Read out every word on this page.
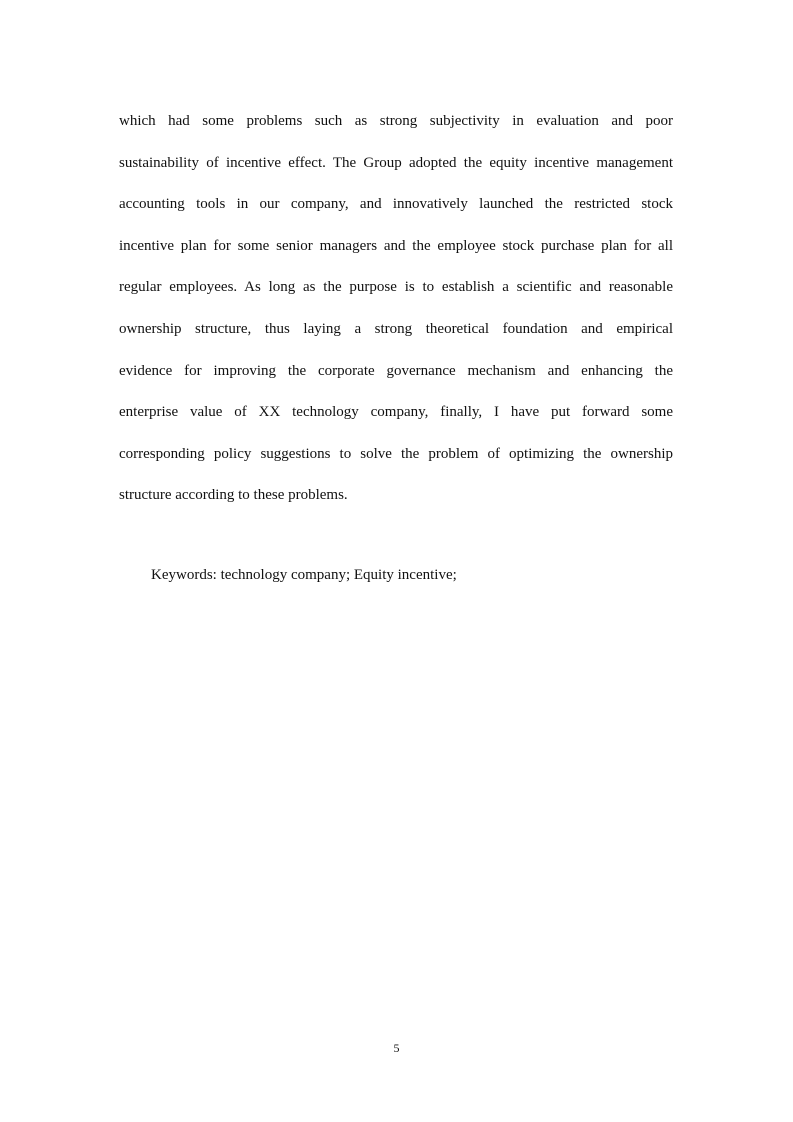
which had some problems such as strong subjectivity in evaluation and poor
sustainability of incentive effect. The Group adopted the equity incentive management
accounting tools in our company, and innovatively launched the restricted stock
incentive plan for some senior managers and the employee stock purchase plan for all
regular employees. As long as the purpose is to establish a scientific and reasonable
ownership structure, thus laying a strong theoretical foundation and empirical
evidence for improving the corporate governance mechanism and enhancing the
enterprise value of XX technology company, finally, I have put forward some
corresponding policy suggestions to solve the problem of optimizing the ownership
structure according to these problems.

Keywords: technology company; Equity incentive;

5
